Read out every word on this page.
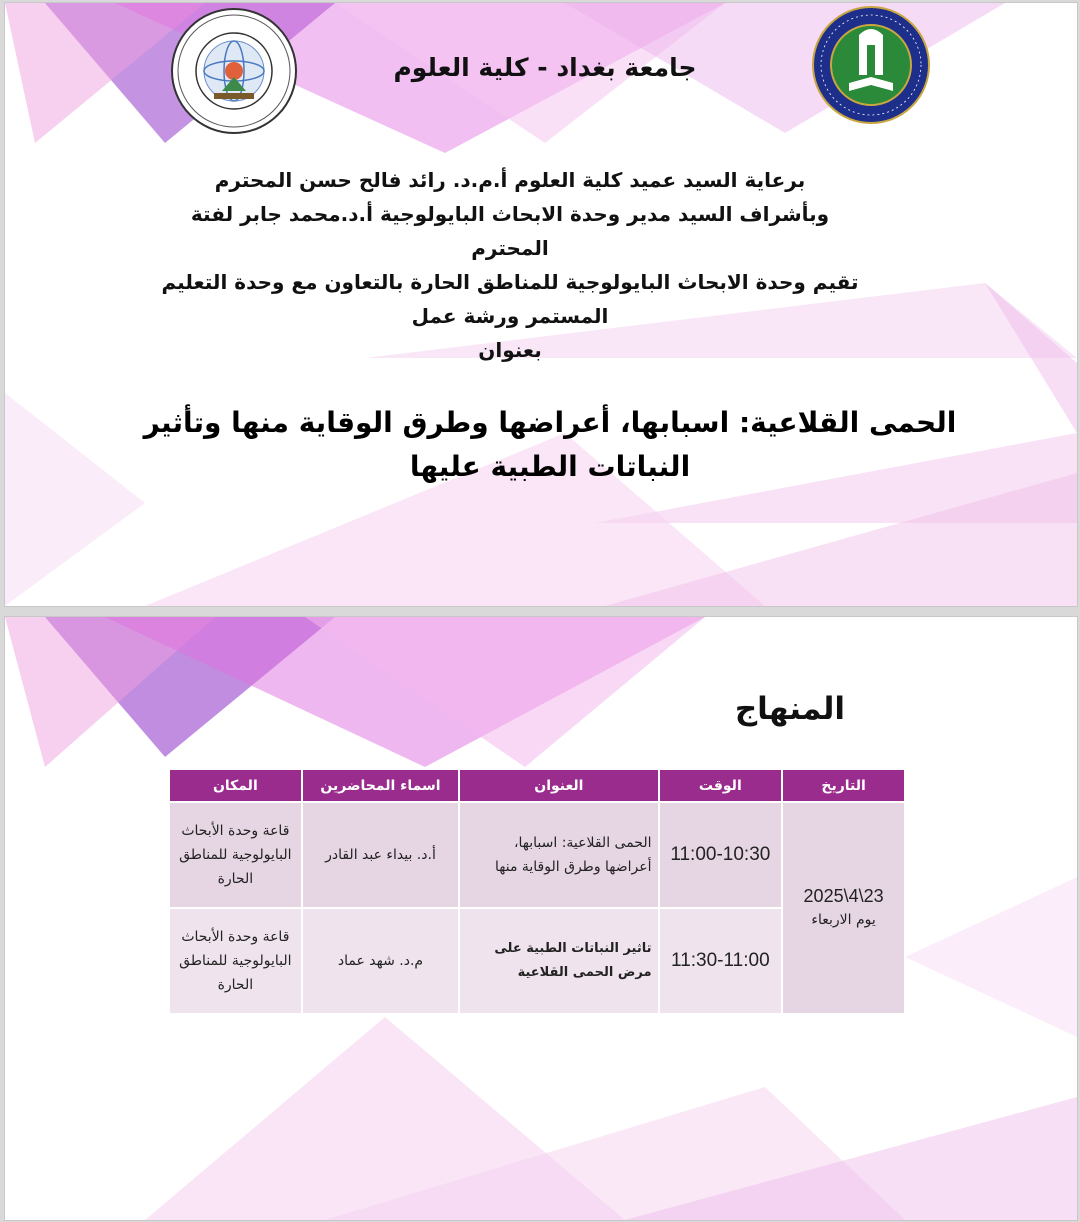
جامعة بغداد - كلية العلوم
برعاية السيد عميد كلية العلوم أ.م.د. رائد فالح حسن المحترم
وبأشراف السيد مدير وحدة الابحاث البايولوجية أ.د.محمد جابر لفتة المحترم
تقيم وحدة الابحاث البايولوجية للمناطق الحارة بالتعاون مع وحدة التعليم
المستمر ورشة عمل
بعنوان
الحمى القلاعية: اسبابها، أعراضها وطرق الوقاية منها وتأثير النباتات الطبية عليها
المنهاج
التاريخ	الوقت	العنوان	اسماء المحاضرين	المكان

2025\4\23
يوم الاربعاء	11:00-10:30	الحمى القلاعية: اسبابها، أعراضها وطرق الوقاية منها	أ.د. بيداء عبد القادر	قاعة وحدة الأبحاث البايولوجية للمناطق الحارة
	11:30-11:00	تاثير النباتات الطبية على مرض الحمى القلاعية	م.د. شهد عماد	قاعة وحدة الأبحاث البايولوجية للمناطق الحارة
